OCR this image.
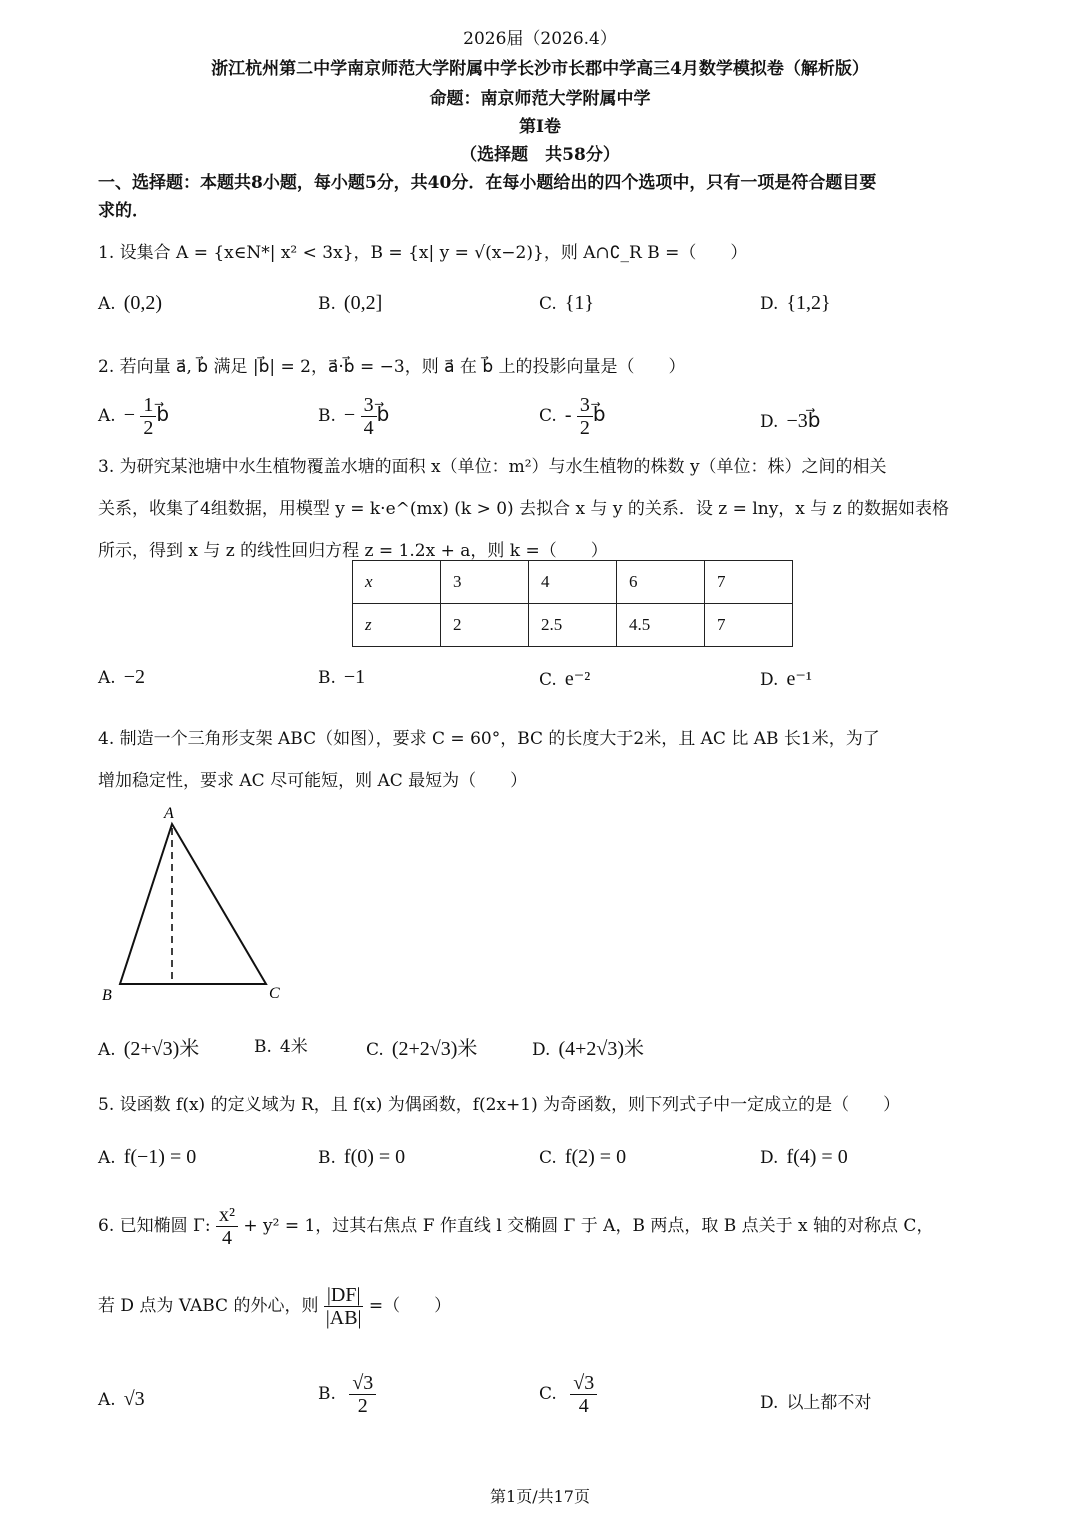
2026届（2026.4）
浙江杭州第二中学南京师范大学附属中学长沙市长郡中学高三4月数学模拟卷（解析版）
命题：南京师范大学附属中学
第Ⅰ卷
（选择题　共58分）
一、选择题：本题共8小题，每小题5分，共40分．在每小题给出的四个选项中，只有一项是符合题目要
求的．
1. 设集合 A = {x∈N*| x² < 3x}，B = {x| y = √(x−2)}，则 A∩∁_R B =（　　）
A. (0,2)	B. (0,2]	C. {1}	D. {1,2}
2. 若向量 a⃗, b⃗ 满足 |b⃗| = 2，a⃗·b⃗ = −3，则 a⃗ 在 b⃗ 上的投影向量是（　　）
A. − $\frac{1}{2}$ b⃗	B. − $\frac{3}{4}$ b⃗	C. - $\frac{3}{2}$ b⃗	D. −3b⃗
3. 为研究某池塘中水生植物覆盖水塘的面积 x（单位：m²）与水生植物的株数 y（单位：株）之间的相关
关系，收集了4组数据，用模型 y = k·e^(mx) (k > 0) 去拟合 x 与 y 的关系．设 z = lny，x 与 z 的数据如表格
所示，得到 x 与 z 的线性回归方程 z = 1.2x + a，则 k =（　　）
x	3	4	6	7
z	2	2.5	4.5	7
A. −2	B. −1	C. e⁻²	D. e⁻¹
4. 制造一个三角形支架 ABC（如图），要求 C = 60°，BC 的长度大于2米，且 AC 比 AB 长1米，为了
增加稳定性，要求 AC 尽可能短，则 AC 最短为（　　）
A
B	C
A. (2+√3)米	B. 4米	C. (2+2√3)米	D. (4+2√3)米
5. 设函数 f(x) 的定义域为 R，且 f(x) 为偶函数，f(2x+1) 为奇函数，则下列式子中一定成立的是（　　）
A. f(−1) = 0	B. f(0) = 0	C. f(2) = 0	D. f(4) = 0
6. 已知椭圆 Γ: $\frac{\text{x²}}{4} + y^2 = 1$，过其右焦点 F 作直线 l 交椭圆 Γ 于 A，B 两点，取 B 点关于 x 轴的对称点 C，
若 D 点为 VABC 的外心，则 $\frac{|DF|}{|AB|}$ =（　　）
A. √3	B. $\frac{√3}{2}$	C. $\frac{√3}{4}$	D. 以上都不对
第1页/共17页
